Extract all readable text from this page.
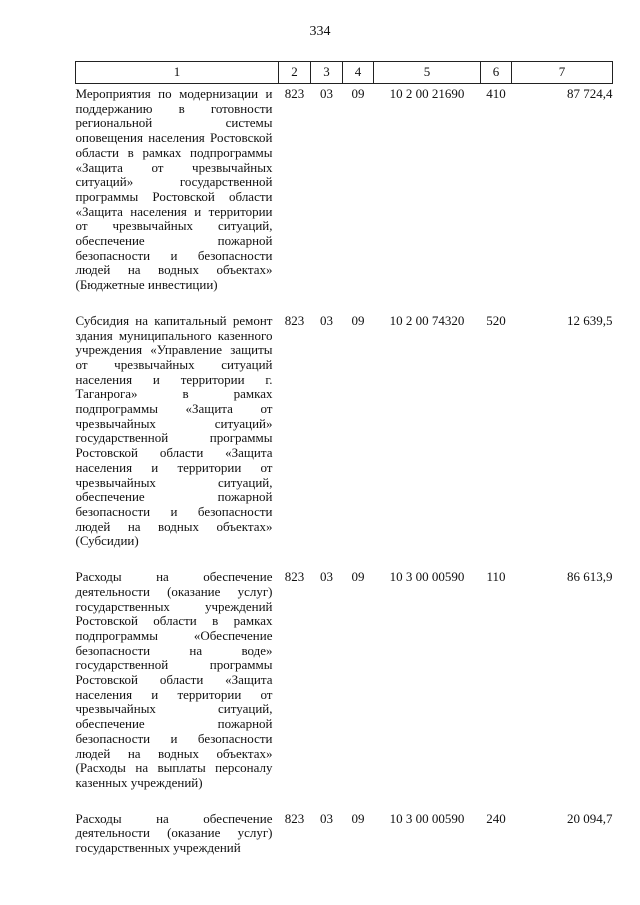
334
1	2	3	4	5	6	7
Мероприятия по модернизации и поддержанию в готовности региональной системы оповещения населения Ростовской области в рамках подпрограммы «Защита от чрезвычайных ситуаций» государственной программы Ростовской области «Защита населения и территории от чрезвычайных ситуаций, обеспечение пожарной безопасности и безопасности людей на водных объектах» (Бюджетные инвестиции)	823	03	09	10 2 00 21690	410	87 724,4
Субсидия на капитальный ремонт здания муниципального казенного учреждения «Управление защиты от чрезвычайных ситуаций населения и территории г. Таганрога» в рамках подпрограммы «Защита от чрезвычайных ситуаций» государственной программы Ростовской области «Защита населения и территории от чрезвычайных ситуаций, обеспечение пожарной безопасности и безопасности людей на водных объектах» (Субсидии)	823	03	09	10 2 00 74320	520	12 639,5
Расходы на обеспечение деятельности (оказание услуг) государственных учреждений Ростовской области в рамках подпрограммы «Обеспечение безопасности на воде» государственной программы Ростовской области «Защита населения и территории от чрезвычайных ситуаций, обеспечение пожарной безопасности и безопасности людей на водных объектах» (Расходы на выплаты персоналу казенных учреждений)	823	03	09	10 3 00 00590	110	86 613,9
Расходы на обеспечение деятельности (оказание услуг) государственных учреждений	823	03	09	10 3 00 00590	240	20 094,7
